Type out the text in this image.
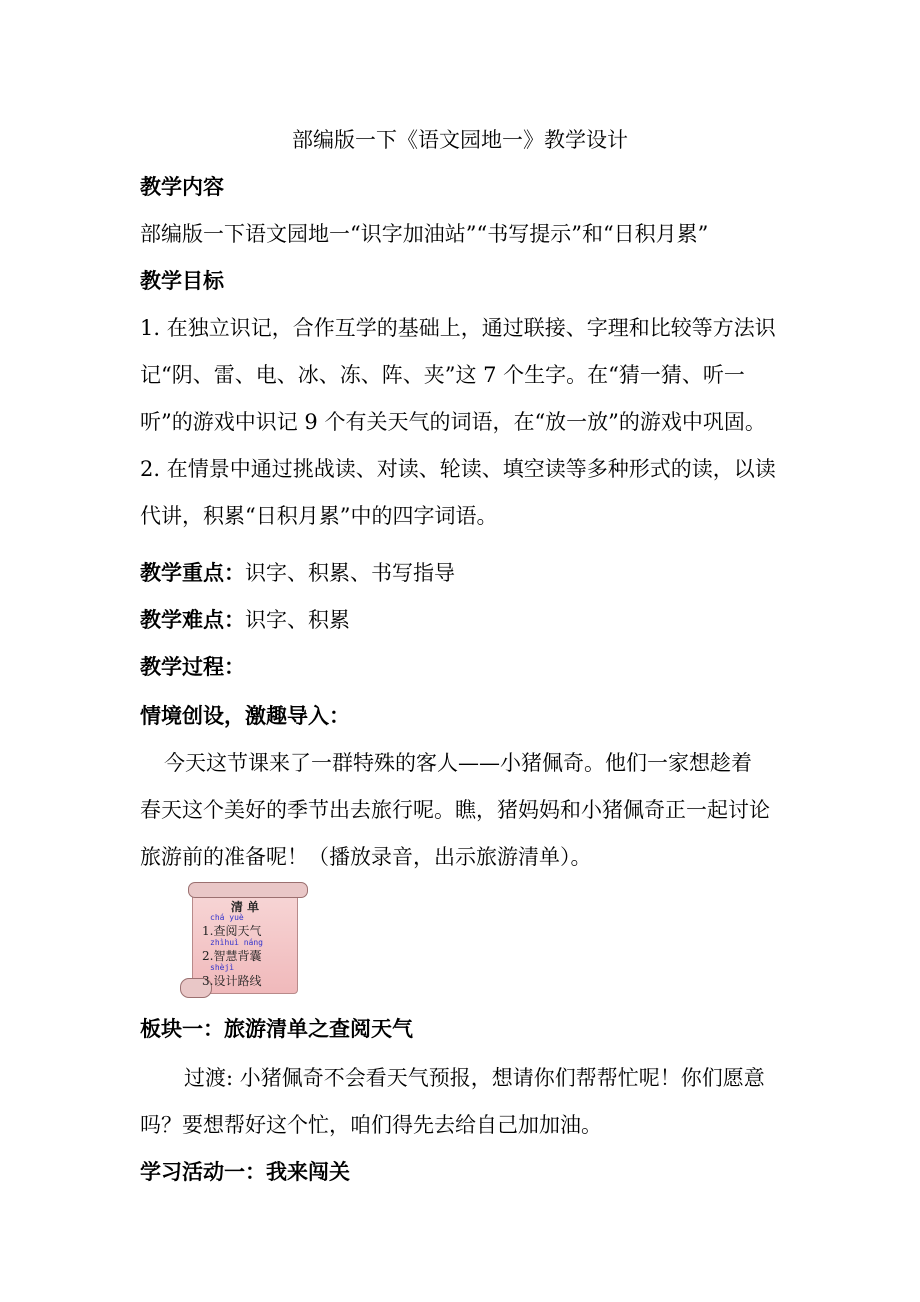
部编版一下《语文园地一》教学设计
教学内容
部编版一下语文园地一“识字加油站”“书写提示”和“日积月累”
教学目标
1. 在独立识记，合作互学的基础上，通过联接、字理和比较等方法识
记“阴、雷、电、冰、冻、阵、夹”这 7 个生字。在“猜一猜、听一
听”的游戏中识记 9 个有关天气的词语，在“放一放”的游戏中巩固。
2. 在情景中通过挑战读、对读、轮读、填空读等多种形式的读，以读
代讲，积累“日积月累”中的四字词语。
教学重点：识字、积累、书写指导
教学难点：识字、积累
教学过程：
情境创设，激趣导入：
今天这节课来了一群特殊的客人——小猪佩奇。他们一家想趁着
春天这个美好的季节出去旅行呢。瞧，猪妈妈和小猪佩奇正一起讨论
旅游前的准备呢！（播放录音，出示旅游清单）。
清 单
chá yuè
1.查阅天气
zhìhuì náng
2.智慧背囊
shèjì
3.设计路线
板块一：旅游清单之查阅天气
过渡: 小猪佩奇不会看天气预报，想请你们帮帮忙呢！你们愿意
吗？要想帮好这个忙，咱们得先去给自己加加油。
学习活动一：我来闯关
